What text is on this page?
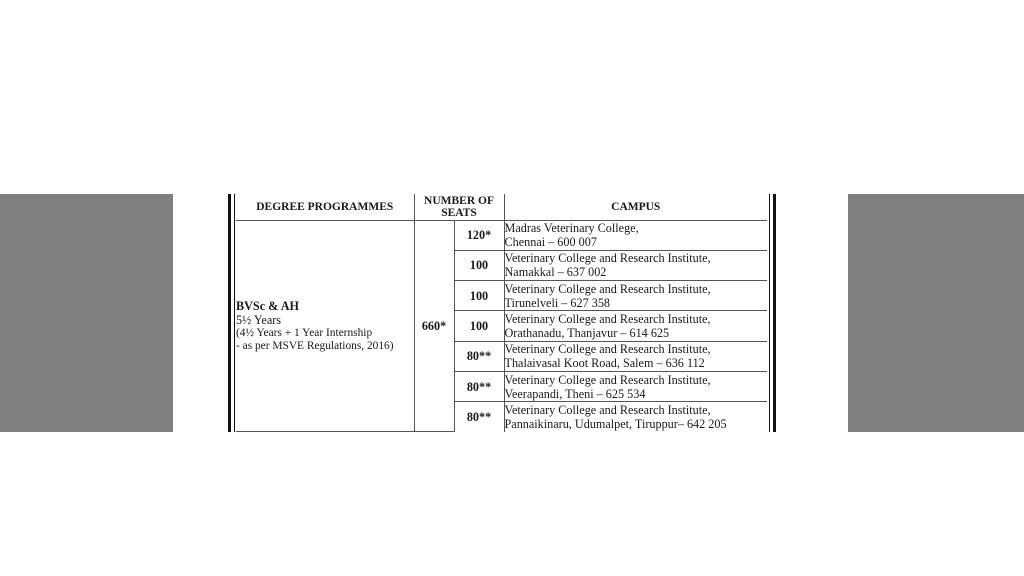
DEGREE PROGRAMMES	NUMBER OF SEATS		CAMPUS

BVSc & AH
5½ Years
(4½ Years + 1 Year Internship
- as per MSVE Regulations, 2016)	660*	120*	Madras Veterinary College,
Chennai – 600 007

		100	Veterinary College and Research Institute,
Namakkal – 637 002

		100	Veterinary College and Research Institute,
Tirunelveli – 627 358

		100	Veterinary College and Research Institute,
Orathanadu, Thanjavur – 614 625

		80**	Veterinary College and Research Institute,
Thalaivasal Koot Road, Salem – 636 112

		80**	Veterinary College and Research Institute,
Veerapandi, Theni – 625 534

		80**	Veterinary College and Research Institute,
Pannaikinaru, Udumalpet, Tiruppur– 642 205
